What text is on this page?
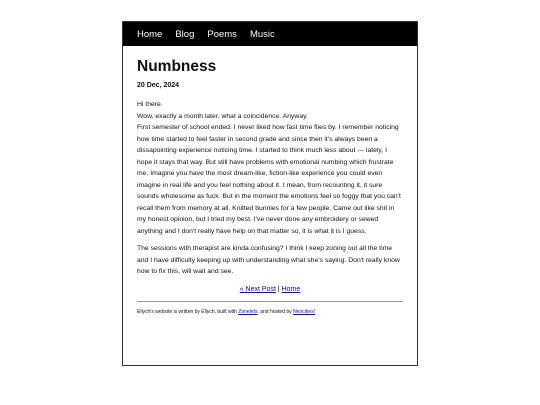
Home Blog Poems Music
Numbness
20 Dec, 2024

Hi there.
Wow, exactly a month later, what a coincidence. Anyway.
First semester of school ended. I never liked how fast time flies by. I remember noticing how time started to feel faster in second grade and since then it's always been a dissapointing experience noticing time. I started to think much less about --- lately, I hope it stays that way. But still have problems with emotional numbing which frustrate me. Imagine you have the most dream-like, fiction-like experience you could even imagine in real life and you feel nothing about it. I mean, from recounting it, it sure sounds wholesome as fuck. But in the moment the emotions feel so foggy that you can't recall them from memory at all. Knitted bunnies for a few people. Came out like shit in my honest opinion, but I tried my best. I've never done any embroidery or sewed anything and I don't really have help on that matter so, it is what it is I guess.

The sessions with therapist are kinda confusing? I think I keep zoning out all the time and I have difficulty keeping up with understanding what she's saying. Don't really know how to fix this, will wait and see.

« Next Post | Home
Ellych's website is written by Ellych, built with Zonelets, and hosted by Neocities!
